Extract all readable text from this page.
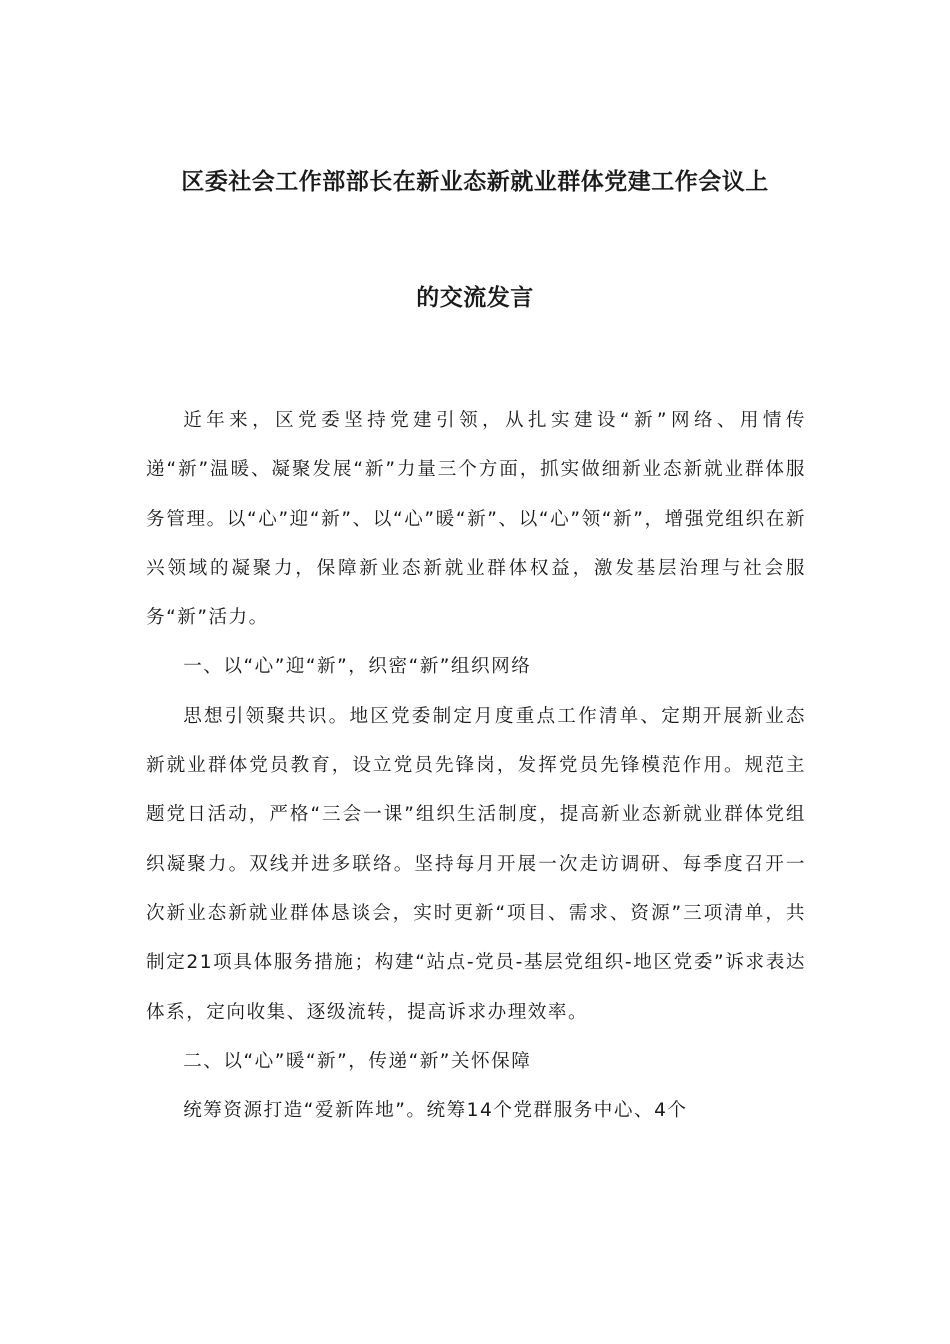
区委社会工作部部长在新业态新就业群体党建工作会议上
的交流发言

近年来，区党委坚持党建引领，从扎实建设“新”网络、用情传递“新”温暖、凝聚发展“新”力量三个方面，抓实做细新业态新就业群体服务管理。以“心”迎“新”、以“心”暖“新”、以“心”领“新”，增强党组织在新兴领域的凝聚力，保障新业态新就业群体权益，激发基层治理与社会服务“新”活力。

一、以“心”迎“新”，织密“新”组织网络

思想引领聚共识。地区党委制定月度重点工作清单、定期开展新业态新就业群体党员教育，设立党员先锋岗，发挥党员先锋模范作用。规范主题党日活动，严格“三会一课”组织生活制度，提高新业态新就业群体党组织凝聚力。双线并进多联络。坚持每月开展一次走访调研、每季度召开一次新业态新就业群体恳谈会，实时更新“项目、需求、资源”三项清单，共制定21项具体服务措施；构建“站点-党员-基层党组织-地区党委”诉求表达体系，定向收集、逐级流转，提高诉求办理效率。

二、以“心”暖“新”，传递“新”关怀保障

统筹资源打造“爱新阵地”。统筹14个党群服务中心、4个
